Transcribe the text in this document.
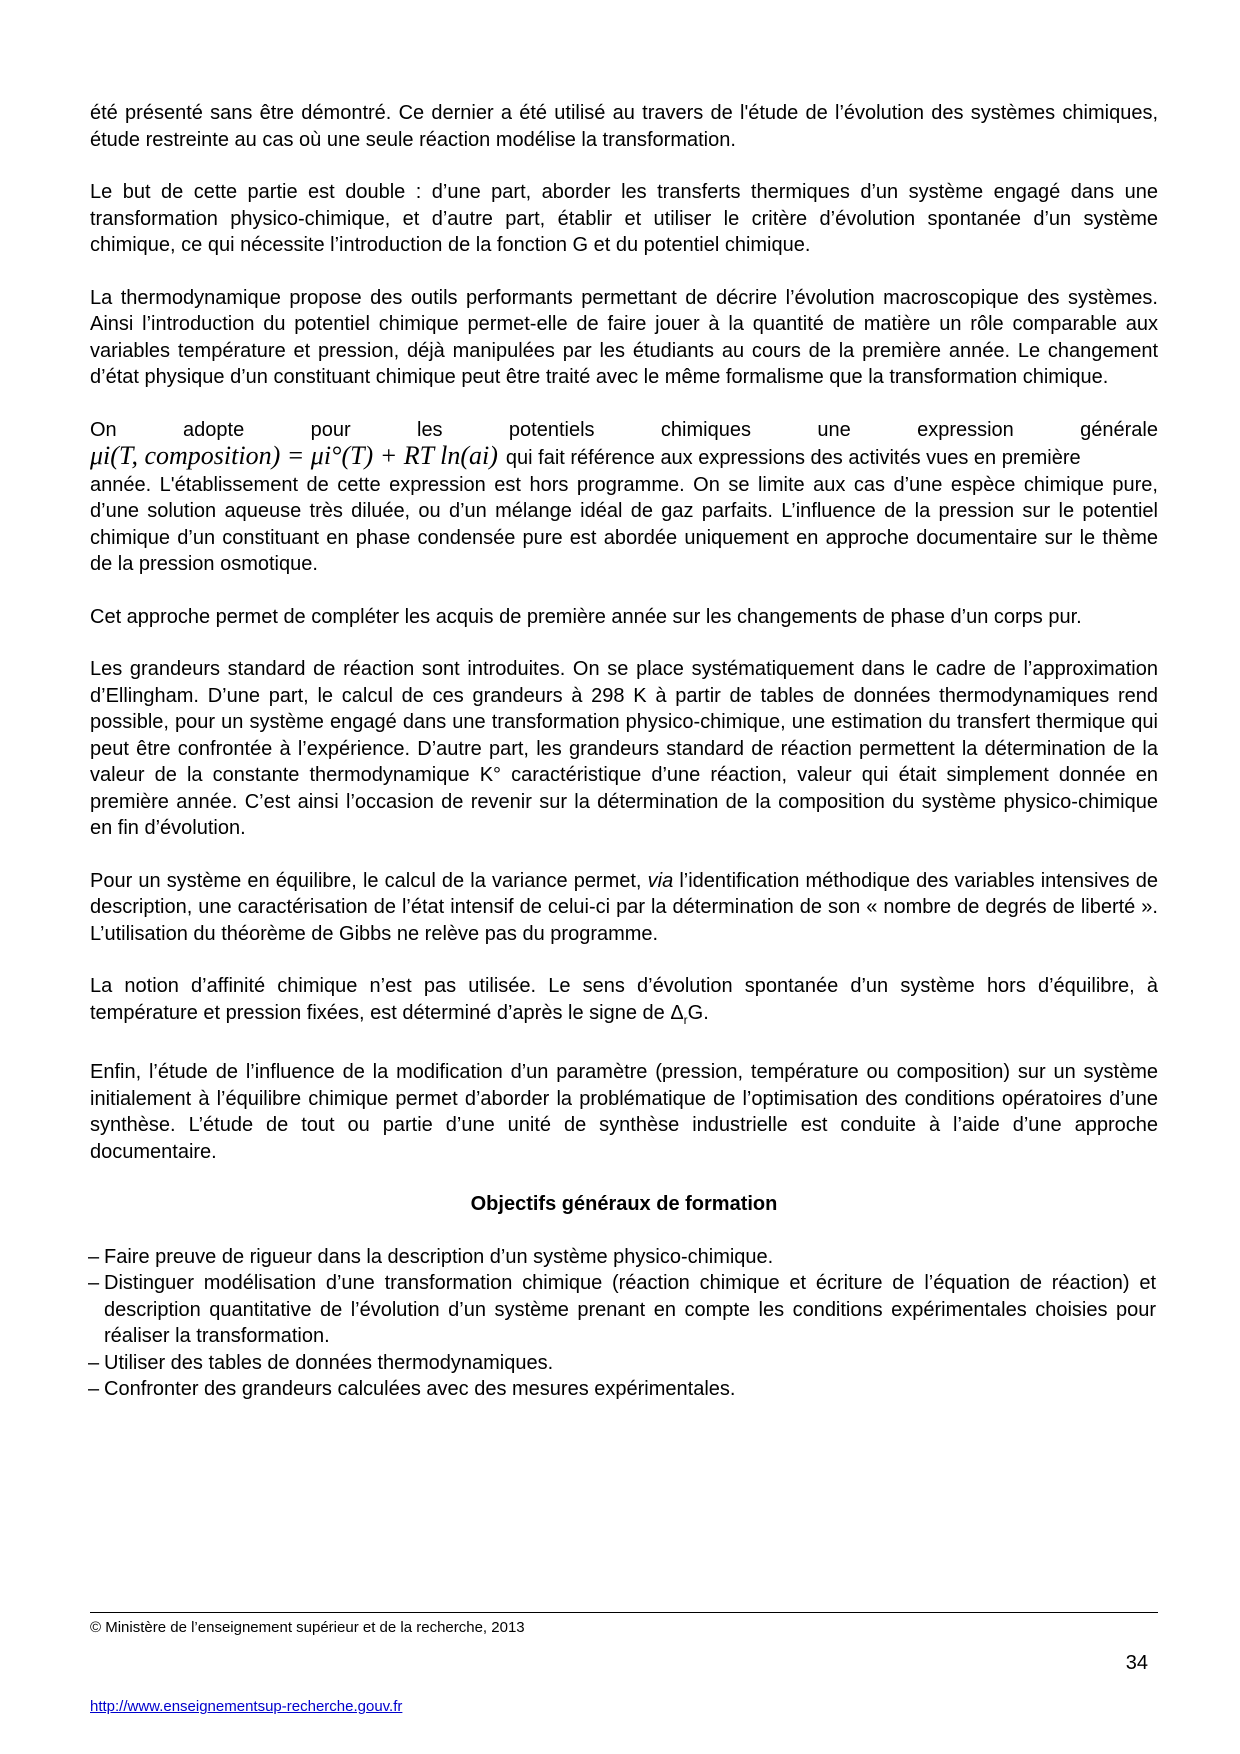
été présenté sans être démontré. Ce dernier a été utilisé au travers de l'étude de l’évolution des systèmes chimiques, étude restreinte au cas où une seule réaction modélise la transformation.

Le but de cette partie est double : d’une part, aborder les transferts thermiques d’un système engagé dans une transformation physico-chimique, et d’autre part, établir et utiliser le critère d’évolution spontanée d’un système chimique, ce qui nécessite l’introduction de la fonction G et du potentiel chimique.

La thermodynamique propose des outils performants permettant de décrire l’évolution macroscopique des systèmes. Ainsi l’introduction du potentiel chimique permet-elle de faire jouer à la quantité de matière un rôle comparable aux variables température et pression, déjà manipulées par les étudiants au cours de la première année. Le changement d’état physique d’un constituant chimique peut être traité avec le même formalisme que la transformation chimique.

On adopte pour les potentiels chimiques une expression générale

μi(T, composition) = μi°(T) + RT ln(ai) qui fait référence aux expressions des activités vues en première

année. L'établissement de cette expression est hors programme. On se limite aux cas d’une espèce chimique pure, d’une solution aqueuse très diluée, ou d’un mélange idéal de gaz parfaits. L’influence de la pression sur le potentiel chimique d’un constituant en phase condensée pure est abordée uniquement en approche documentaire sur le thème de la pression osmotique.

Cet approche permet de compléter les acquis de première année sur les changements de phase d’un corps pur.

Les grandeurs standard de réaction sont introduites. On se place systématiquement dans le cadre de l’approximation d’Ellingham. D’une part, le calcul de ces grandeurs à 298 K à partir de tables de données thermodynamiques rend possible, pour un système engagé dans une transformation physico-chimique, une estimation du transfert thermique qui peut être confrontée à l’expérience. D’autre part, les grandeurs standard de réaction permettent la détermination de la valeur de la constante thermodynamique K° caractéristique d’une réaction, valeur qui était simplement donnée en première année. C’est ainsi l’occasion de revenir sur la détermination de la composition du système physico-chimique en fin d’évolution.

Pour un système en équilibre, le calcul de la variance permet, via l’identification méthodique des variables intensives de description, une caractérisation de l’état intensif de celui-ci par la détermination de son « nombre de degrés de liberté ». L’utilisation du théorème de Gibbs ne relève pas du programme.

La notion d’affinité chimique n’est pas utilisée. Le sens d’évolution spontanée d’un système hors d’équilibre, à température et pression fixées, est déterminé d’après le signe de $\Delta_rG$.

Enfin, l’étude de l’influence de la modification d’un paramètre (pression, température ou composition) sur un système initialement à l’équilibre chimique permet d’aborder la problématique de l’optimisation des conditions opératoires d’une synthèse. L’étude de tout ou partie d’une unité de synthèse industrielle est conduite à l’aide d’une approche documentaire.

Objectifs généraux de formation
– Faire preuve de rigueur dans la description d’un système physico-chimique.
– Distinguer modélisation d’une transformation chimique (réaction chimique et écriture de l’équation de réaction) et description quantitative de l’évolution d’un système prenant en compte les conditions expérimentales choisies pour réaliser la transformation.
– Utiliser des tables de données thermodynamiques.
– Confronter des grandeurs calculées avec des mesures expérimentales.
© Ministère de l’enseignement supérieur et de la recherche, 2013
34
http://www.enseignementsup-recherche.gouv.fr
